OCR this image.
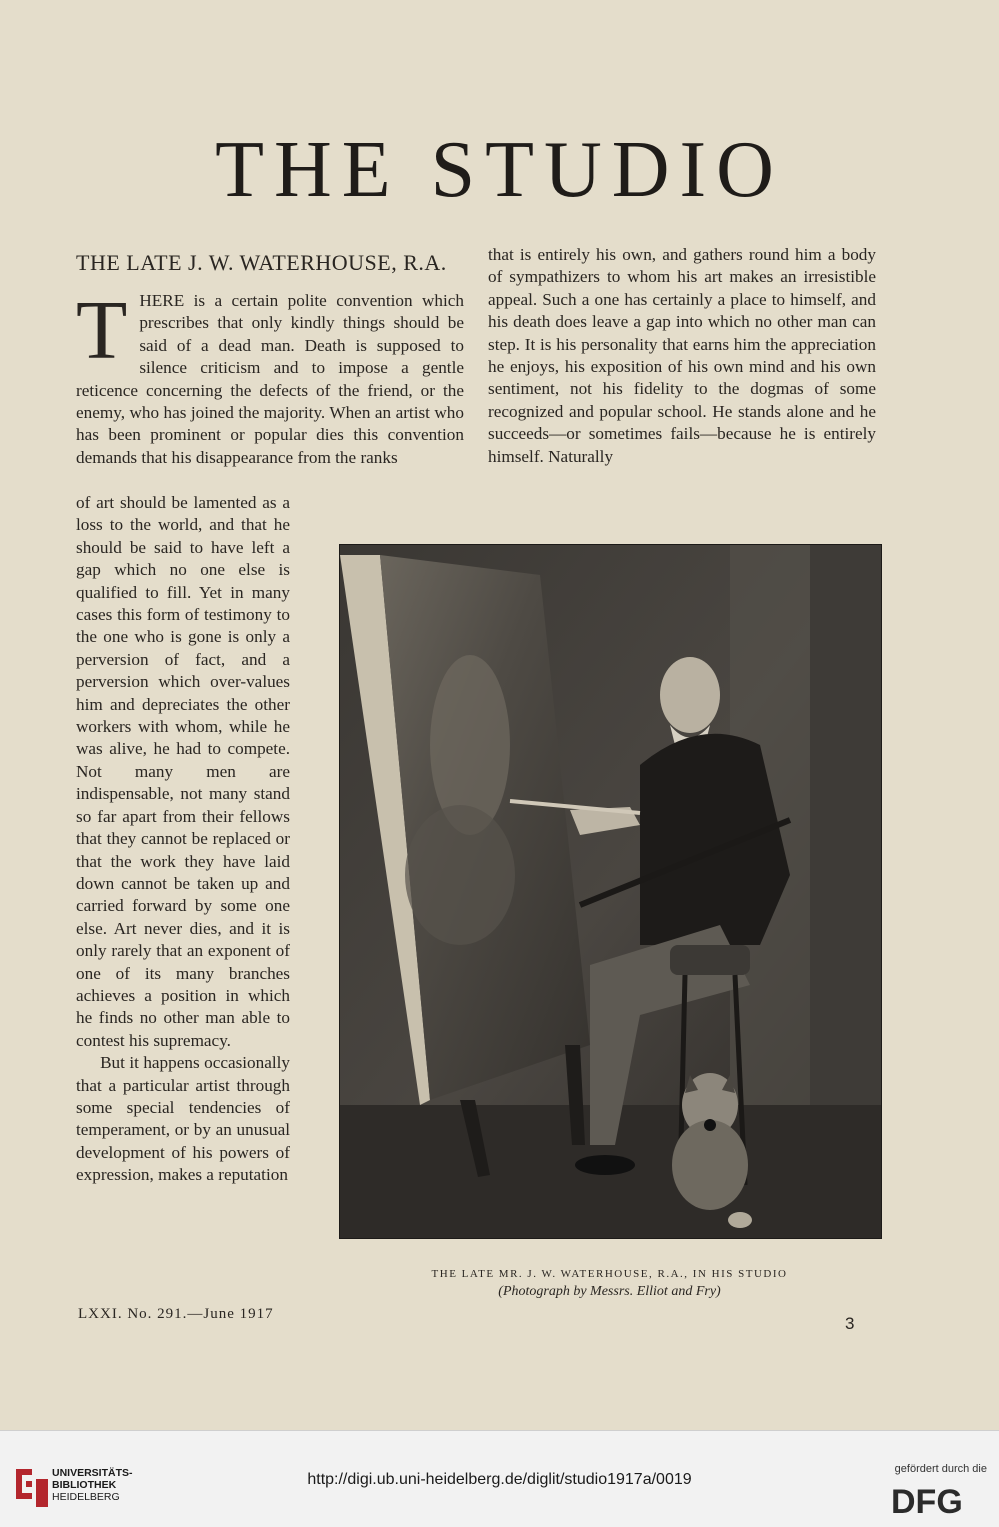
THE STUDIO
THE LATE J. W. WATERHOUSE, R.A.
T HERE is a certain polite convention which prescribes that only kindly things should be said of a dead man. Death is supposed to silence criticism and to impose a gentle reticence concerning the defects of the friend, or the enemy, who has joined the majority. When an artist who has been prominent or popular dies this convention demands that his disappearance from the ranks

of art should be lamented as a loss to the world, and that he should be said to have left a gap which no one else is qualified to fill. Yet in many cases this form of testimony to the one who is gone is only a perversion of fact, and a perversion which over-values him and depreciates the other workers with whom, while he was alive, he had to compete. Not many men are indispensable, not many stand so far apart from their fellows that they cannot be replaced or that the work they have laid down cannot be taken up and carried forward by some one else. Art never dies, and it is only rarely that an exponent of one of its many branches achieves a position in which he finds no other man able to contest his supremacy.

But it happens occasionally that a particular artist through some special tendencies of temperament, or by an unusual development of his powers of expression, makes a reputation

that is entirely his own, and gathers round him a body of sympathizers to whom his art makes an irresistible appeal. Such a one has certainly a place to himself, and his death does leave a gap into which no other man can step. It is his personality that earns him the appreciation he enjoys, his exposition of his own mind and his own sentiment, not his fidelity to the dogmas of some recognized and popular school. He stands alone and he succeeds—or sometimes fails—because he is entirely himself. Naturally
THE LATE MR. J. W. WATERHOUSE, R.A., IN HIS STUDIO
(Photograph by Messrs. Elliot and Fry)
LXXI. No. 291.—June 1917	3
UNIVERSITÄTS-
BIBLIOTHEK
HEIDELBERG
http://digi.ub.uni-heidelberg.de/diglit/studio1917a/0019
gefördert durch die
DFG
